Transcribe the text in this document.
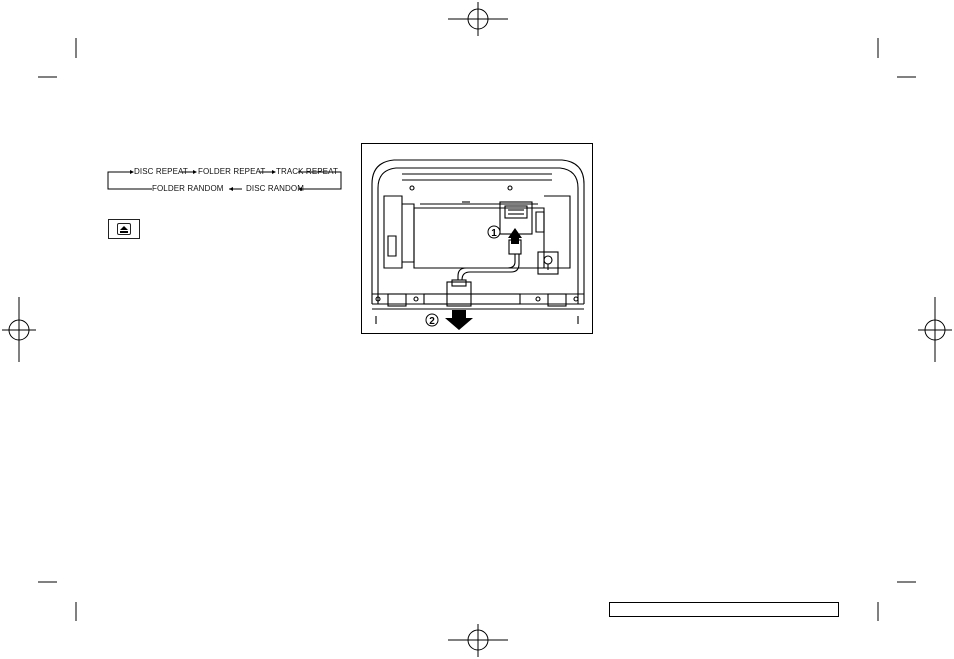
DISC REPEAT FOLDER REPEAT TRACK REPEAT
FOLDER RANDOM	DISC RANDOM
1
2
